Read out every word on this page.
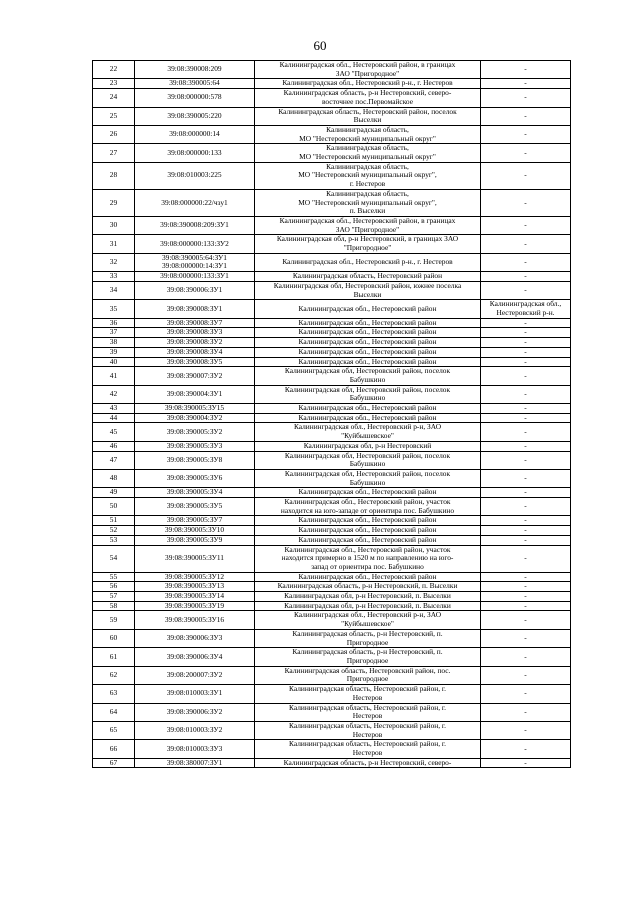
60
22	39:08:390008:209	Калининградская обл., Нестеровский район, в границах
ЗАО "Пригородное"	-
23	39:08:390005:64	Калининградская обл., Нестеровский р-н., г. Нестеров	-
24	39:08:000000:578	Калининградская область, р-н Нестеровский, северо-
восточнее пос.Первомайское	-
25	39:08:390005:220	Калининградская область, Нестеровский район, поселок
Выселки	-
26	39:08:000000:14	Калининградская область,
МО "Нестеровский муниципальный округ"	-
27	39:08:000000:133	Калининградская область,
МО "Нестеровский муниципальный округ"	-
28	39:08:010003:225	Калининградская область,
МО "Нестеровский муниципальный округ",
г. Нестеров	-
29	39:08:000000:22/чзу1	Калининградская область,
МО "Нестеровский муниципальный округ",
п. Выселки	-
30	39:08:390008:209:ЗУ1	Калининградская обл., Нестеровский район, в границах
ЗАО "Пригородное"	-
31	39:08:000000:133:ЗУ2	Калининградская обл, р-н Нестеровский, в границах ЗАО
"Пригородное"	-
32	39:08:390005:64:ЗУ1
39:08:000000:14:ЗУ1	Калининградская обл., Нестеровский р-н., г. Нестеров	-
33	39:08:000000:133:ЗУ1	Калининградская область, Нестеровский район	-
34	39:08:390006:ЗУ1	Калининградская обл, Нестеровский район, южнее поселка
Выселки	-
35	39:08:390008:ЗУ1	Калининградская обл., Нестеровский район	Калининградская обл.,
Нестеровский р-н.
36	39:08:390008:ЗУ7	Калининградская обл., Нестеровский район	-
37	39:08:390008:ЗУ3	Калининградская обл., Нестеровский район	-
38	39:08:390008:ЗУ2	Калининградская обл., Нестеровский район	-
39	39:08:390008:ЗУ4	Калининградская обл., Нестеровский район	-
40	39:08:390008:ЗУ5	Калининградская обл., Нестеровский район	-
41	39:08:390007:ЗУ2	Калининградская обл, Нестеровский район, поселок
Бабушкино	-
42	39:08:390004:ЗУ1	Калининградская обл, Нестеровский район, поселок
Бабушкино	-
43	39:08:390005:ЗУ15	Калининградская обл., Нестеровский район	-
44	39:08:390004:ЗУ2	Калининградская обл., Нестеровский район	-
45	39:08:390005:ЗУ2	Калининградская обл., Нестеровский р-н, ЗАО
"Куйбышевское"	-
46	39:08:390005:ЗУ3	Калининградская обл, р-н Нестеровский	-
47	39:08:390005:ЗУ8	Калининградская обл, Нестеровский район, поселок
Бабушкино	-
48	39:08:390005:ЗУ6	Калининградская обл, Нестеровский район, поселок
Бабушкино	-
49	39:08:390005:ЗУ4	Калининградская обл., Нестеровский район	-
50	39:08:390005:ЗУ5	Калининградская обл., Нестеровский район, участок
находится на юго-западе от ориентира пос. Бабушкино	-
51	39:08:390005:ЗУ7	Калининградская обл., Нестеровский район	-
52	39:08:390005:ЗУ10	Калининградская обл., Нестеровский район	-
53	39:08:390005:ЗУ9	Калининградская обл., Нестеровский район	-
54	39:08:390005:ЗУ11	Калининградская обл., Нестеровский район, участок
находится примерно в 1520 м по направлению на юго-
запад от ориентира пос. Бабушкино	-
55	39:08:390005:ЗУ12	Калининградская обл., Нестеровский район	-
56	39:08:390005:ЗУ13	Калининградская область, р-н Нестеровский, п. Выселки	-
57	39:08:390005:ЗУ14	Калининградская обл, р-н Нестеровский, п. Выселки	-
58	39:08:390005:ЗУ19	Калининградская обл, р-н Нестеровский, п. Выселки	-
59	39:08:390005:ЗУ16	Калининградская обл., Нестеровский р-н, ЗАО
"Куйбышевское"	-
60	39:08:390006:ЗУ3	Калининградская область, р-н Нестеровский, п.
Пригородное	-
61	39:08:390006:ЗУ4	Калининградская область, р-н Нестеровский, п.
Пригородное	-
62	39:08:200007:ЗУ2	Калининградская область, Нестеровский район, пос.
Пригородное	-
63	39:08:010003:ЗУ1	Калининградская область, Нестеровский район, г.
Нестеров	-
64	39:08:390006:ЗУ2	Калининградская область, Нестеровский район, г.
Нестеров	-
65	39:08:010003:ЗУ2	Калининградская область, Нестеровский район, г.
Нестеров	-
66	39:08:010003:ЗУ3	Калининградская область, Нестеровский район, г.
Нестеров	-
67	39:08:380007:ЗУ1	Калининградская область, р-н Нестеровский, северо-	-
